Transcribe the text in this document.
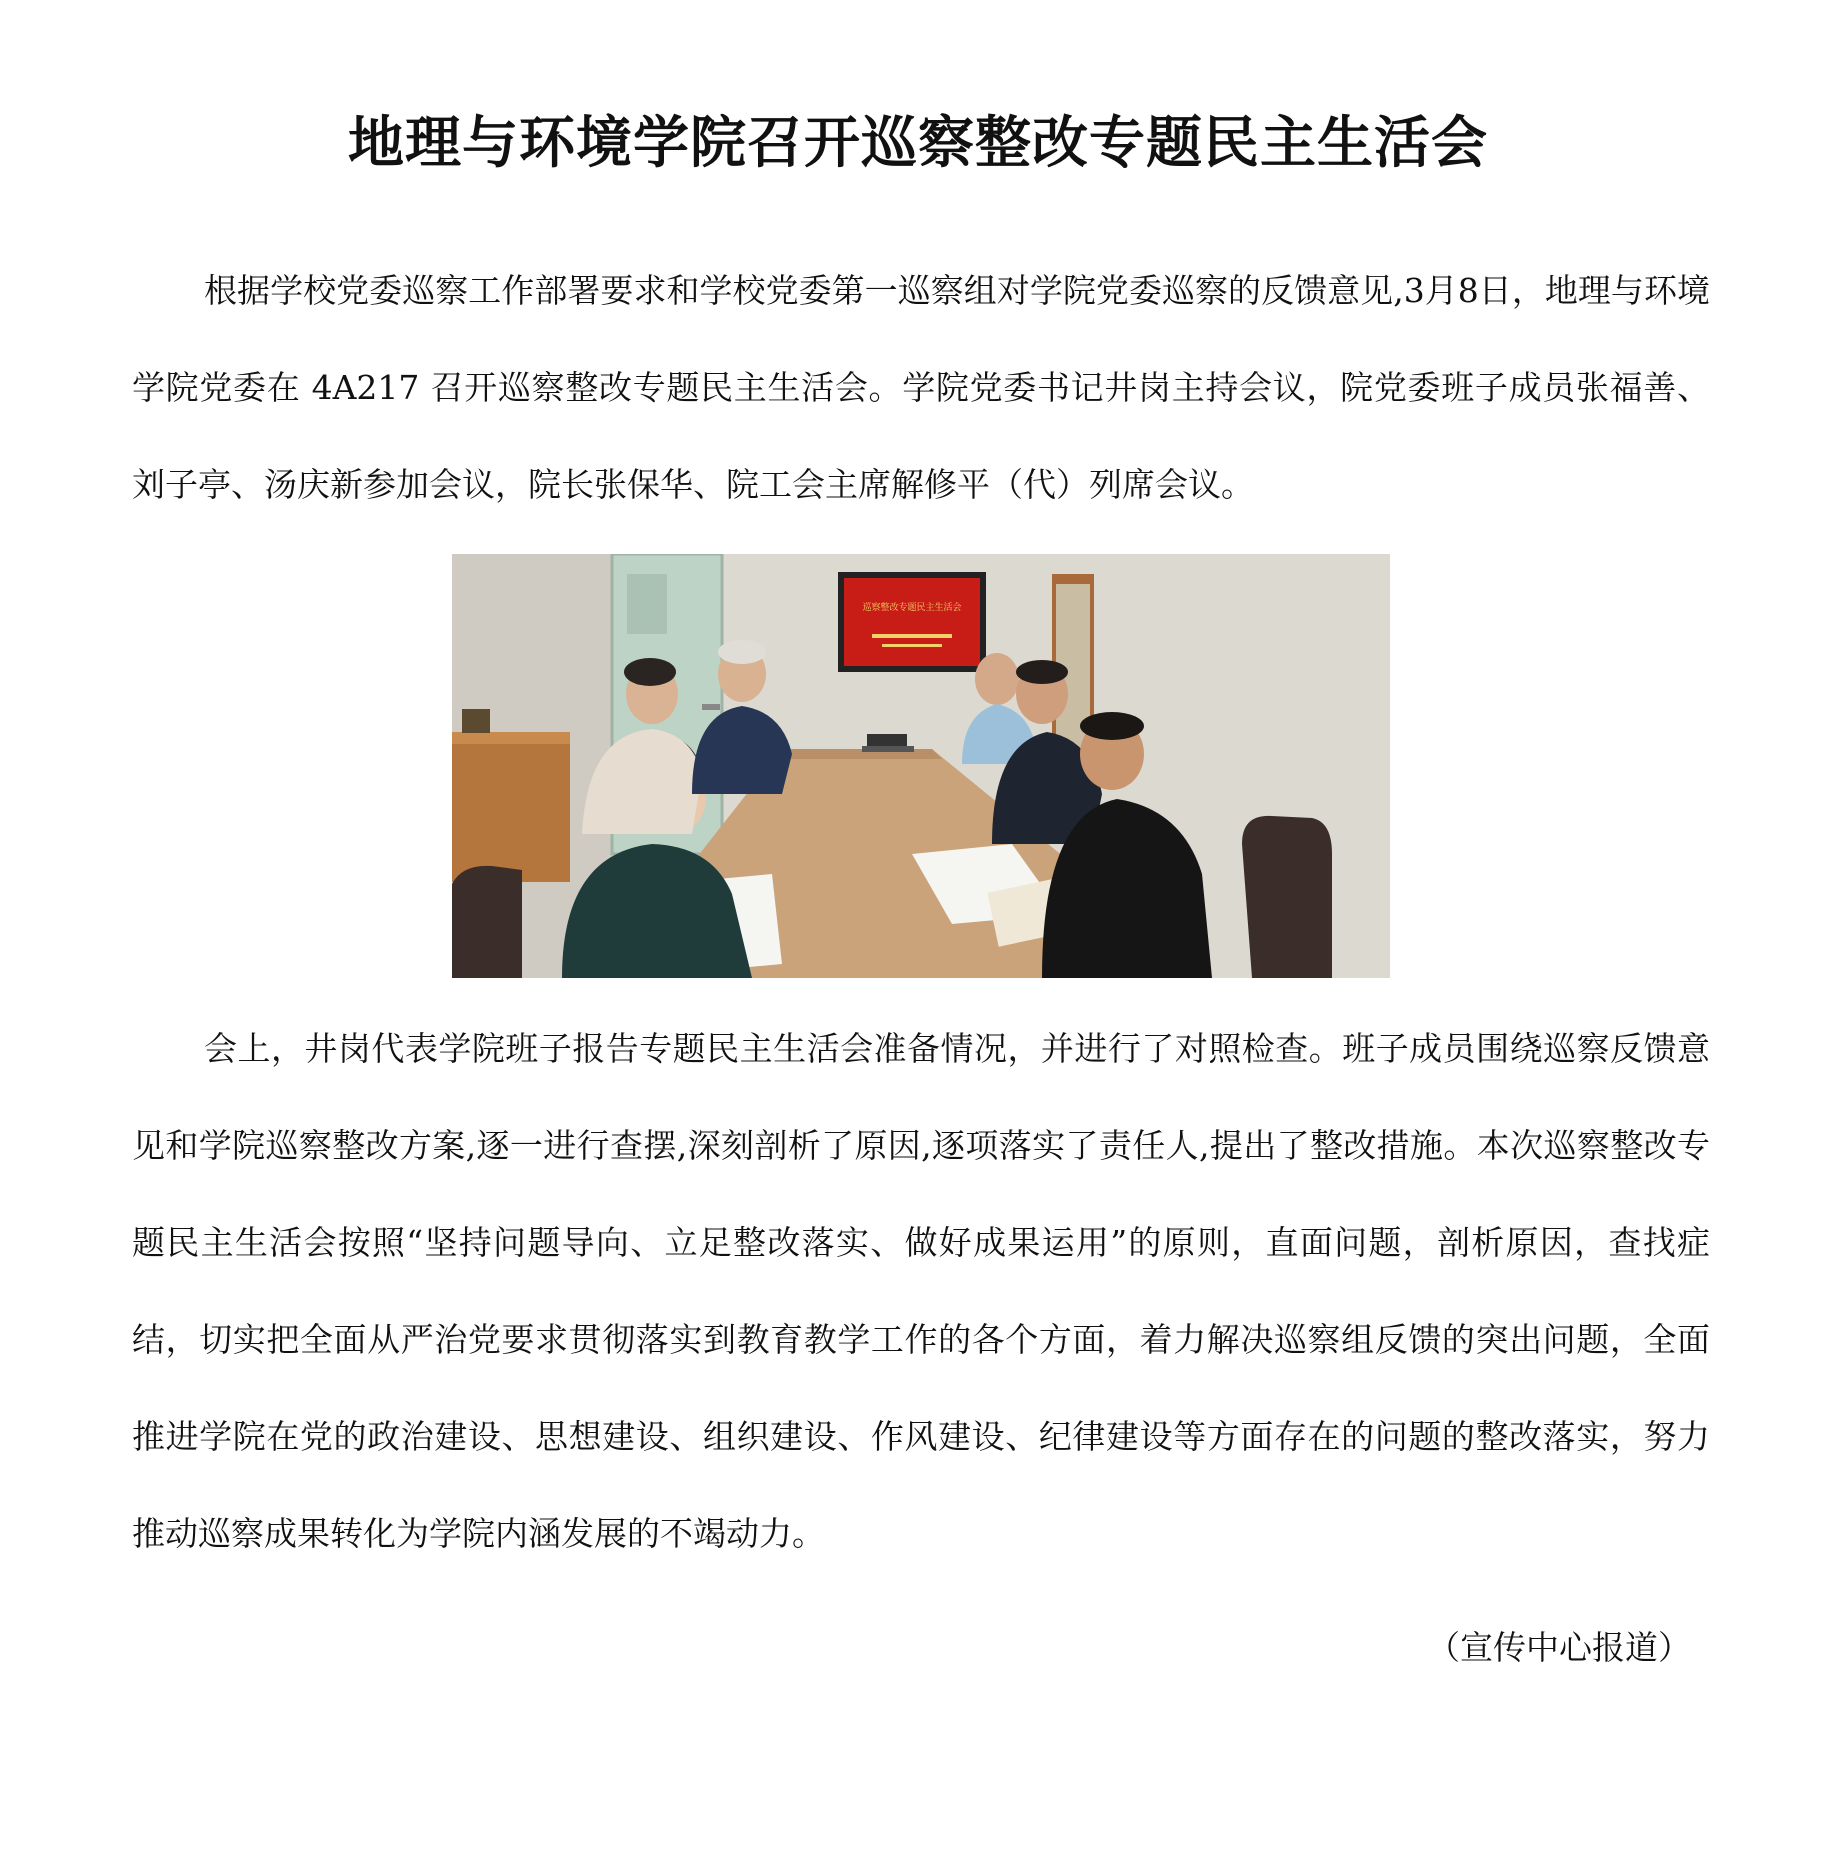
地理与环境学院召开巡察整改专题民主生活会

根据学校党委巡察工作部署要求和学校党委第一巡察组对学院党委巡察的反馈意见,3月8日，地理与环境学院党委在 4A217 召开巡察整改专题民主生活会。学院党委书记井岗主持会议，院党委班子成员张福善、刘子亭、汤庆新参加会议，院长张保华、院工会主席解修平（代）列席会议。

巡察整改专题民主生活会

会上，井岗代表学院班子报告专题民主生活会准备情况，并进行了对照检查。班子成员围绕巡察反馈意见和学院巡察整改方案,逐一进行查摆,深刻剖析了原因,逐项落实了责任人,提出了整改措施。本次巡察整改专题民主生活会按照“坚持问题导向、立足整改落实、做好成果运用”的原则，直面问题，剖析原因，查找症结，切实把全面从严治党要求贯彻落实到教育教学工作的各个方面，着力解决巡察组反馈的突出问题，全面推进学院在党的政治建设、思想建设、组织建设、作风建设、纪律建设等方面存在的问题的整改落实，努力推动巡察成果转化为学院内涵发展的不竭动力。

（宣传中心报道）
